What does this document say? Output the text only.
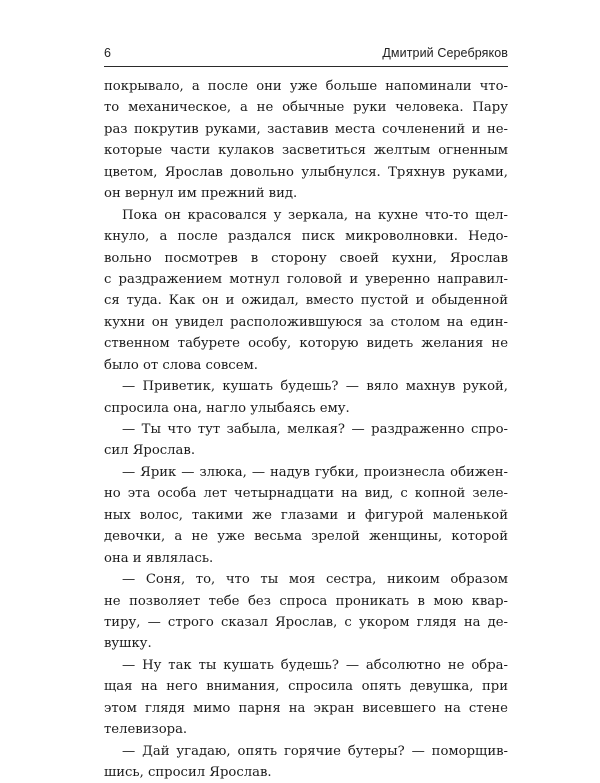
6	Дмитрий Серебряков
покрывало, а после они уже больше напоминали что-
то механическое, а не обычные руки человека. Пару
раз покрутив руками, заставив места сочленений и не-
которые части кулаков засветиться желтым огненным
цветом, Ярослав довольно улыбнулся. Тряхнув руками,
он вернул им прежний вид.
Пока он красовался у зеркала, на кухне что-то щел-
кнуло, а после раздался писк микроволновки. Недо-
вольно посмотрев в сторону своей кухни, Ярослав
с раздражением мотнул головой и уверенно направил-
ся туда. Как он и ожидал, вместо пустой и обыденной
кухни он увидел расположившуюся за столом на един-
ственном табурете особу, которую видеть желания не
было от слова совсем.
— Приветик, кушать будешь? — вяло махнув рукой,
спросила она, нагло улыбаясь ему.
— Ты что тут забыла, мелкая? — раздраженно спро-
сил Ярослав.
— Ярик — злюка, — надув губки, произнесла обижен-
но эта особа лет четырнадцати на вид, с копной зеле-
ных волос, такими же глазами и фигурой маленькой
девочки, а не уже весьма зрелой женщины, которой
она и являлась.
— Соня, то, что ты моя сестра, никоим образом
не позволяет тебе без спроса проникать в мою квар-
тиру, — строго сказал Ярослав, с укором глядя на де-
вушку.
— Ну так ты кушать будешь? — абсолютно не обра-
щая на него внимания, спросила опять девушка, при
этом глядя мимо парня на экран висевшего на стене
телевизора.
— Дай угадаю, опять горячие бутеры? — поморщив-
шись, спросил Ярослав.
